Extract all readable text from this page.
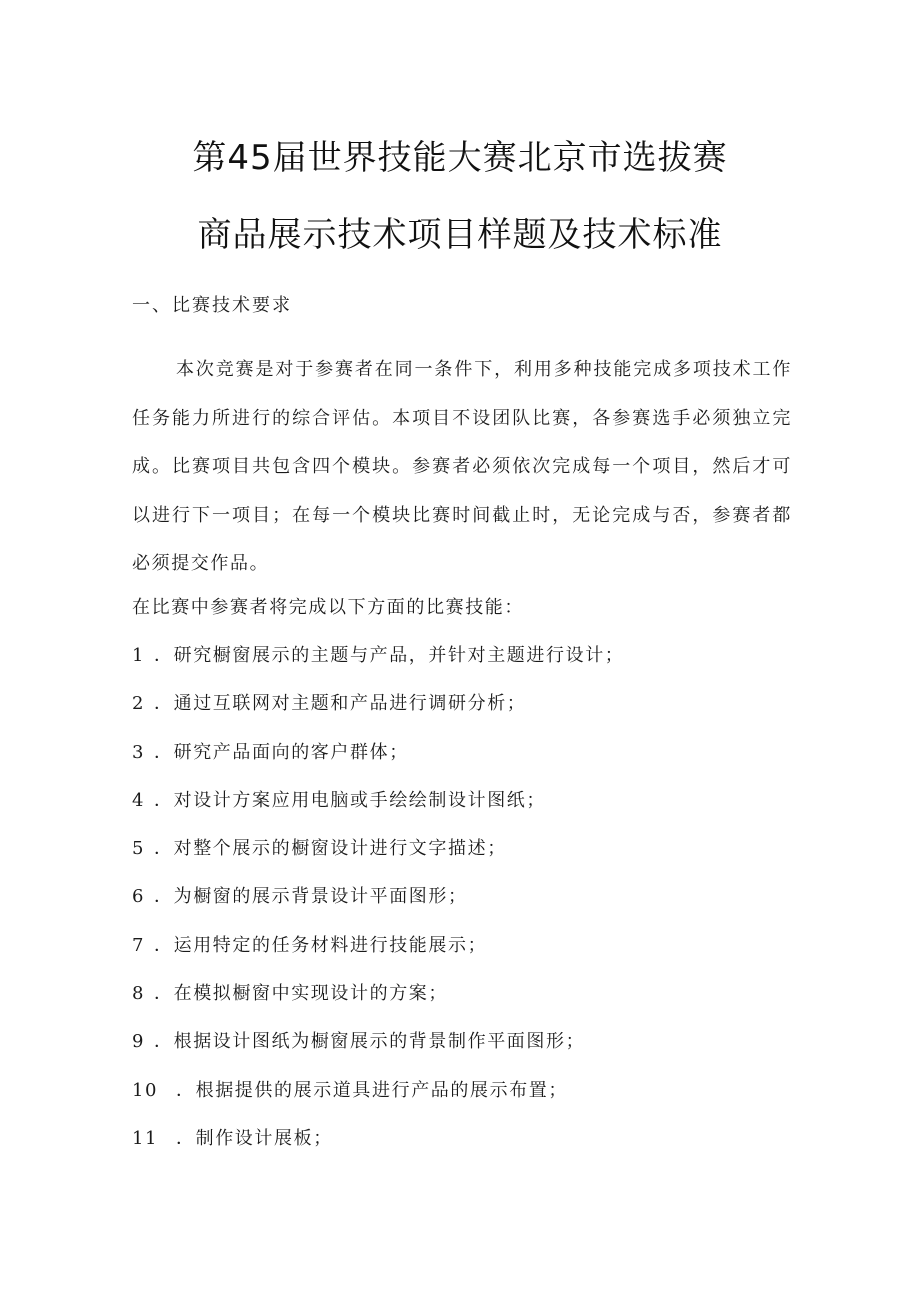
第45届世界技能大赛北京市选拔赛
商品展示技术项目样题及技术标准
一、比赛技术要求

本次竞赛是对于参赛者在同一条件下，利用多种技能完成多项技术工作任务能力所进行的综合评估。本项目不设团队比赛，各参赛选手必须独立完成。比赛项目共包含四个模块。参赛者必须依次完成每一个项目，然后才可以进行下一项目；在每一个模块比赛时间截止时，无论完成与否，参赛者都必须提交作品。

在比赛中参赛者将完成以下方面的比赛技能：
1 ．研究橱窗展示的主题与产品，并针对主题进行设计；
2 ．通过互联网对主题和产品进行调研分析；
3 ．研究产品面向的客户群体；
4 ．对设计方案应用电脑或手绘绘制设计图纸；
5 ．对整个展示的橱窗设计进行文字描述；
6 ．为橱窗的展示背景设计平面图形；
7 ．运用特定的任务材料进行技能展示；
8 ．在模拟橱窗中实现设计的方案；
9 ．根据设计图纸为橱窗展示的背景制作平面图形；
10 ．根据提供的展示道具进行产品的展示布置；
11 ．制作设计展板；
